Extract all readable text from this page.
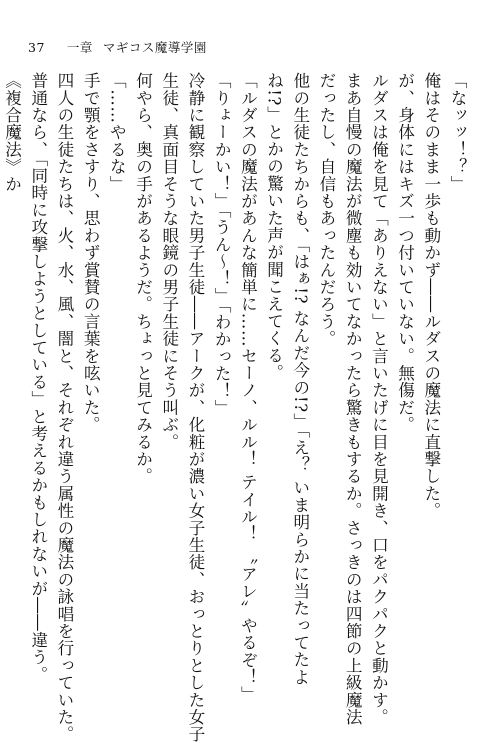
37 一章 マギコス魔導学園
「なッッ！？」
俺はそのまま一歩も動かず――ルダスの魔法に直撃した。
が、身体にはキズ一つ付いていない。無傷だ。
ルダスは俺を見て「ありえない」と言いたげに目を見開き、口をパクパクと動かす。
まあ自慢の魔法が微塵も効いてなかったら驚きもするか。さっきのは四節の上級魔法
だったし、自信もあったんだろう。
他の生徒たちからも、「はぁ!? なんだ今の!?」「え？ いま明らかに当たってたよ
ね!?」とかの驚いた声が聞こえてくる。
「ルダスの魔法があんな簡単に……セーノ、ルル！ テイル！ 〝アレ〟やるぞ！」
「りょーかい！」「うん〜！」「わかった！」
冷静に観察していた男子生徒――アークが、化粧が濃い女子生徒、おっとりとした女子
生徒、真面目そうな眼鏡の男子生徒にそう叫ぶ。
何やら、奥の手があるようだ。ちょっと見てみるか。
「……やるな」
手で顎をさすり、思わず賞賛の言葉を呟いた。
四人の生徒たちは、火、水、風、闇と、それぞれ違う属性の魔法の詠唱を行っていた。
普通なら、「同時に攻撃しようとしている」と考えるかもしれないが――違う。
《複合魔法》か
